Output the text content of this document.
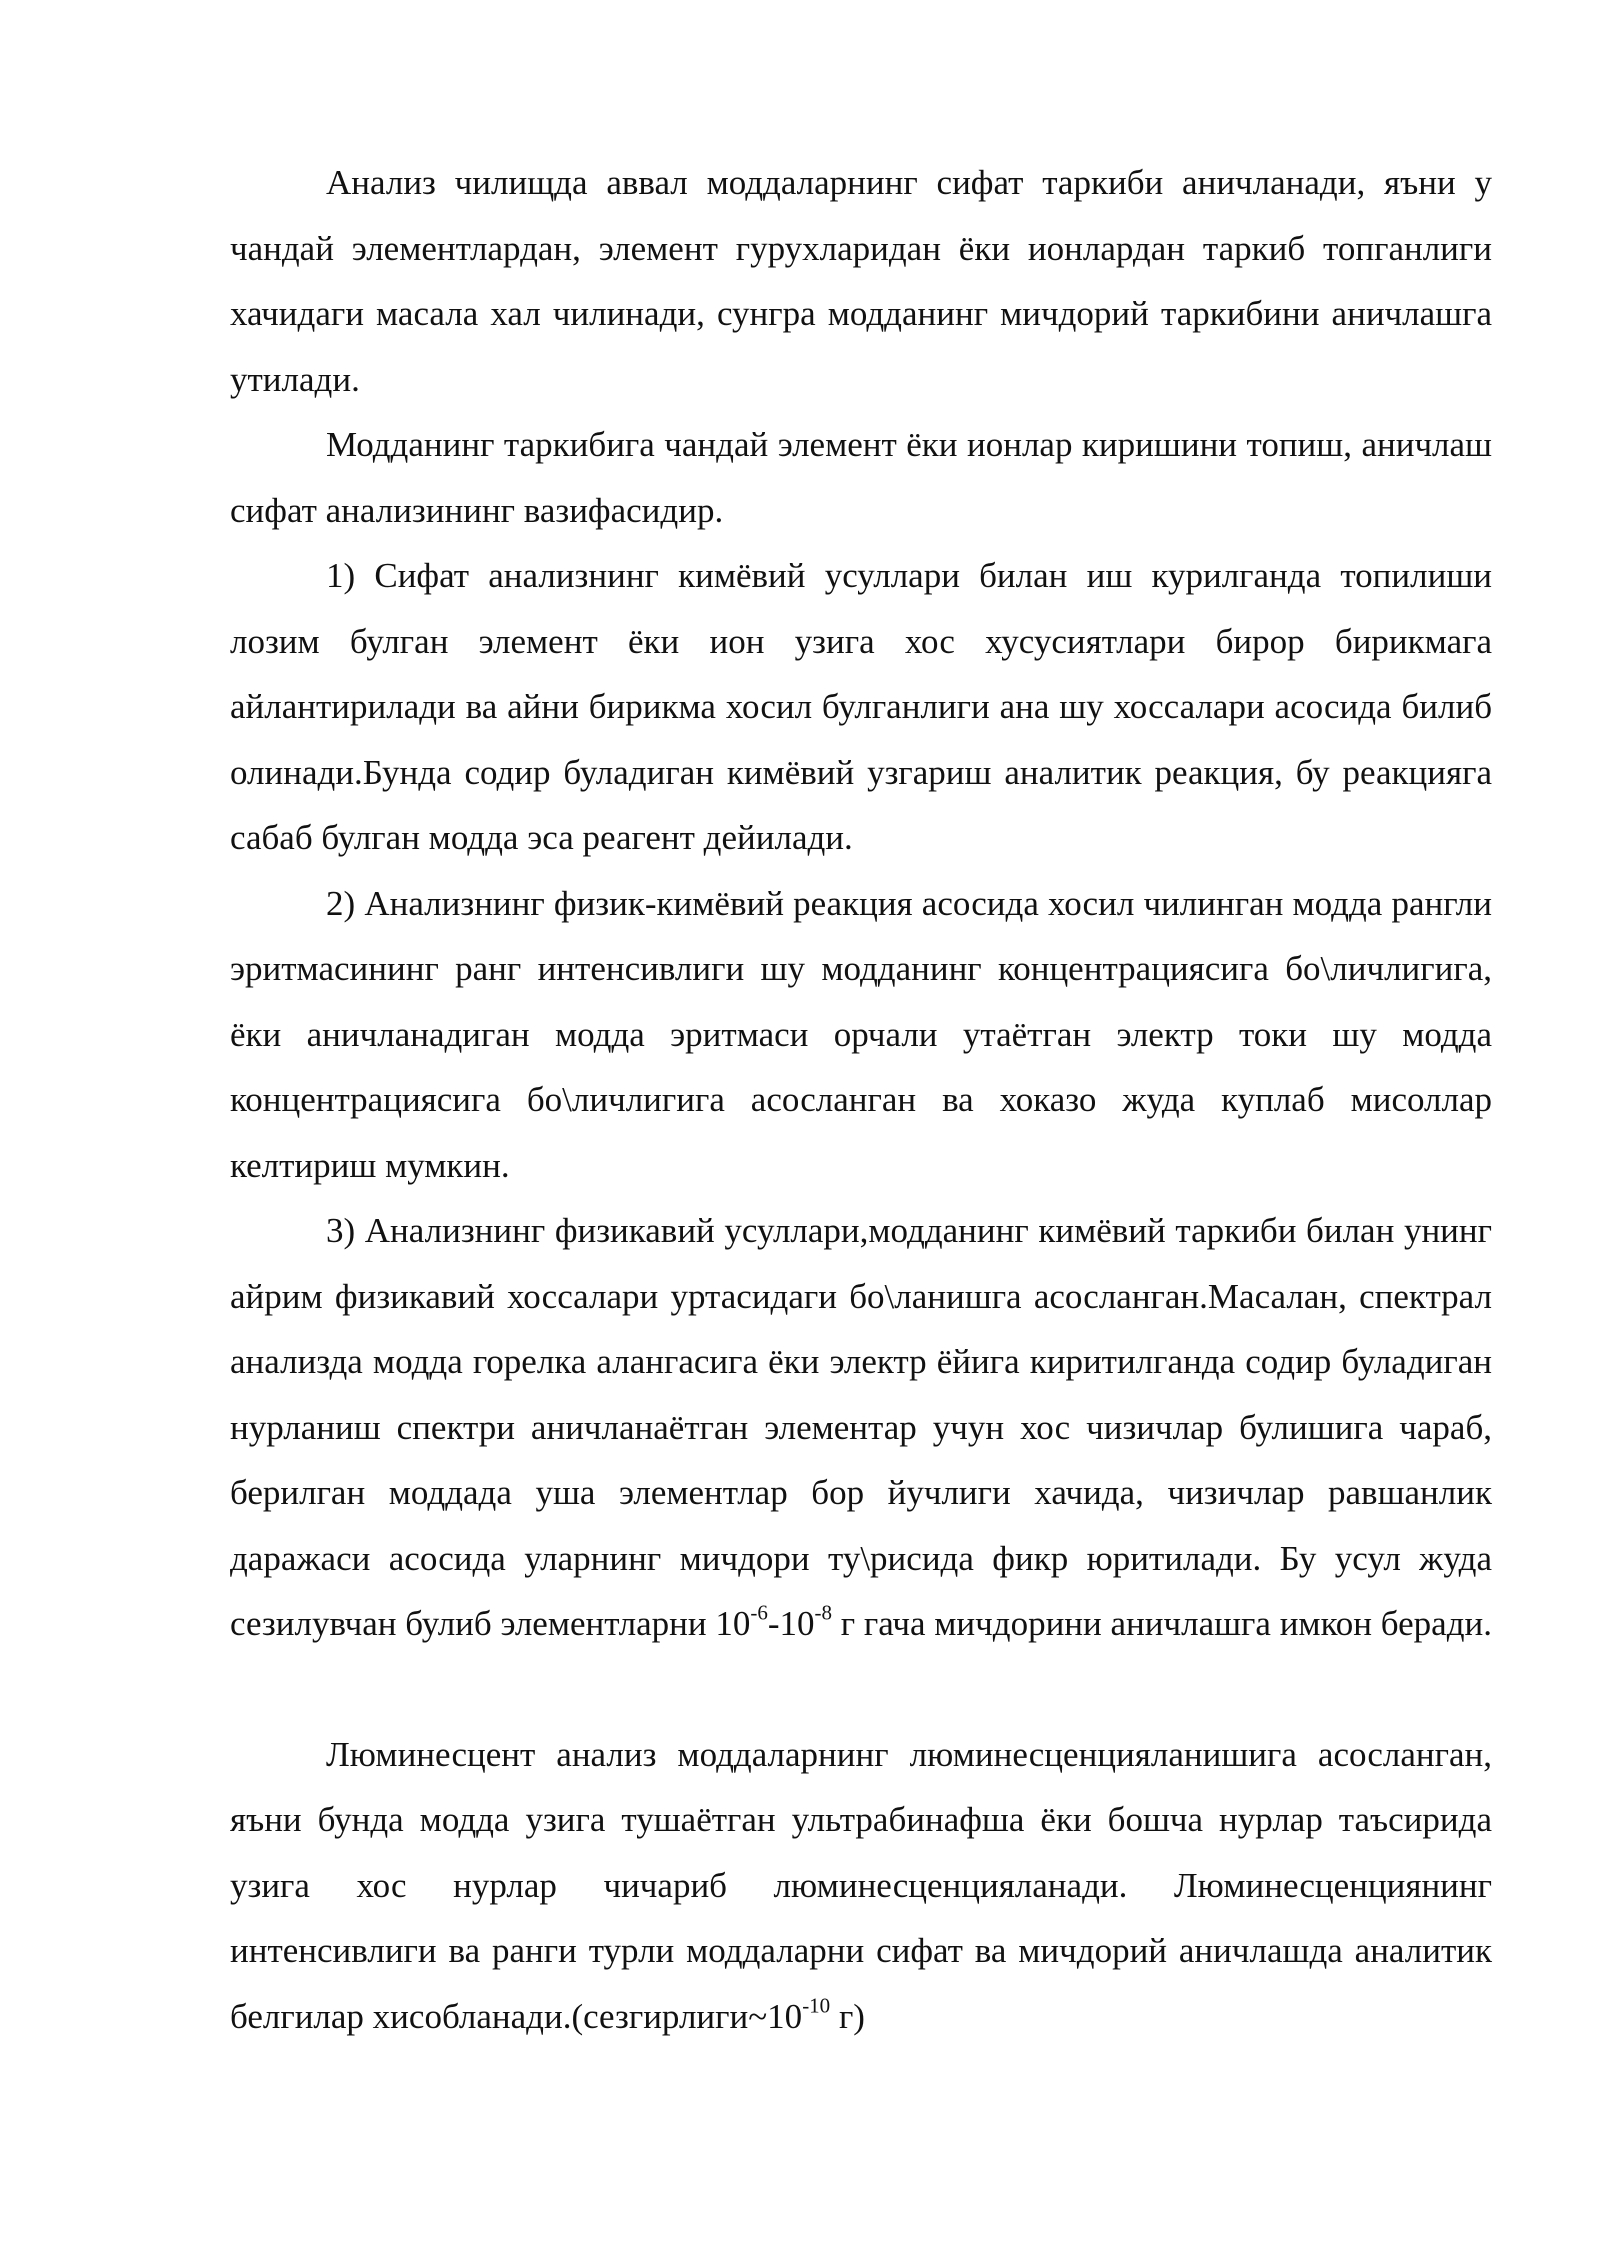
Анализ чилищда аввал моддаларнинг сифат таркиби аничланади, яъни у чандай элементлардан, элемент гурухларидан ёки ионлардан таркиб топганлиги хачидаги масала хал чилинади, сунгра модданинг мичдорий таркибини аничлашга утилади.

Модданинг таркибига чандай элемент ёки ионлар киришини топиш, аничлаш сифат анализининг вазифасидир.

1) Сифат анализнинг кимёвий усуллари билан иш курилганда топилиши лозим булган элемент ёки ион узига хос хусусиятлари бирор бирикмага айлантирилади ва айни бирикма хосил булганлиги ана шу хоссалари асосида билиб олинади.Бунда содир буладиган кимёвий узгариш аналитик реакция, бу реакцияга сабаб булган модда эса реагент дейилади.

2) Анализнинг физик-кимёвий реакция асосида хосил чилинган модда рангли эритмасининг ранг интенсивлиги шу модданинг концентрациясига бо\личлигига, ёки аничланадиган модда эритмаси орчали утаётган электр токи шу модда концентрациясига бо\личлигига асосланган ва хоказо жуда куплаб мисоллар келтириш мумкин.

3) Анализнинг физикавий усуллари,модданинг кимёвий таркиби билан унинг айрим физикавий хоссалари уртасидаги бо\ланишга асосланган.Масалан, спектрал анализда модда горелка алангасига ёки электр ёйига киритилганда содир буладиган нурланиш спектри аничланаётган элементар учун хос чизичлар булишига чараб, берилган моддада уша элементлар бор йучлиги хачида, чизичлар равшанлик даражаси асосида уларнинг мичдори ту\рисида фикр юритилади. Бу усул жуда сезилувчан булиб элементларни $10^{-6}-10^{-8}$ г гача мичдорини аничлашга имкон беради.

Люминесцент анализ моддаларнинг люминесценцияланишига асосланган, яъни бунда модда узига тушаётган ультрабинафша ёки бошча нурлар таъсирида узига хос нурлар чичариб люминесценцияланади. Люминесценциянинг интенсивлиги ва ранги турли моддаларни сифат ва мичдорий аничлашда аналитик белгилар $хисобланади.(сезгирлиги\sim 10^{-10}$ г)
